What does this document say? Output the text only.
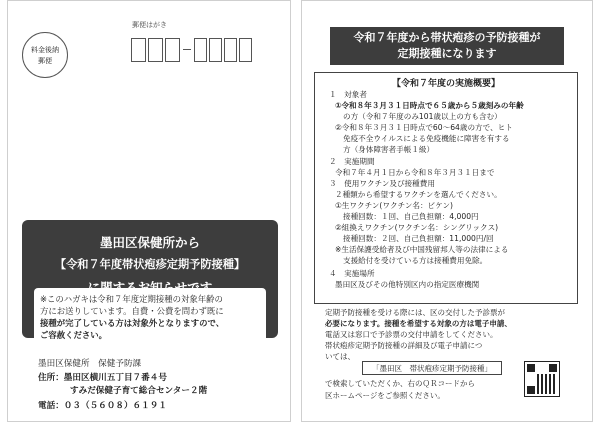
料金後納
郵便
郵便はがき
墨田区保健所から
【令和７年度帯状疱疹定期予防接種】
※このハガキは令和７年度定期接種の対象年齢の
方にお送りしています。自費・公費を問わず既に
接種が完了している方は対象外となりますので、
ご容赦ください。
墨田区保健所　保健予防課
住所：墨田区横川五丁目７番４号
すみだ保健子育て総合センター２階
電話：０３（５６０８）６１９１
令和７年度から帯状疱疹の予防接種が
定期接種になります
【令和７年度の実施概要】
１　対象者
①令和８年３月３１日時点で６５歳から５歳刻みの年齢
の方（令和７年度のみ101歳以上の方も含む）
②令和８年３月３１日時点で60～64歳の方で、ヒト
免疫不全ウイルスによる免疫機能に障害を有する
方（身体障害者手帳１級）
２　実施期間
令和７年４月１日から令和８年３月３１日まで
３　使用ワクチン及び接種費用
２種類から希望するワクチンを選んでください。
①生ワクチン(ワクチン名：ビケン)
接種回数：１回、自己負担額：4,000円
②組換えワクチン(ワクチン名：シングリックス)
接種回数：２回、自己負担額：11,000円/回
※生活保護受給者及び中国残留邦人等の法律による
支援給付を受けている方は接種費用免除。
４　実施場所
墨田区及びその他特別区内の指定医療機関
定期予防接種を受ける際には、区の交付した予診票が
必要になります。接種を希望する対象の方は電子申請、
電話又は窓口で予診票の交付申請をしてください。
帯状疱疹定期予防接種の詳細及び電子申請につ
いては、
「墨田区　帯状疱疹定期予防接種」
で検索していただくか、右のＱＲコードから
区ホームページをご参照ください。
